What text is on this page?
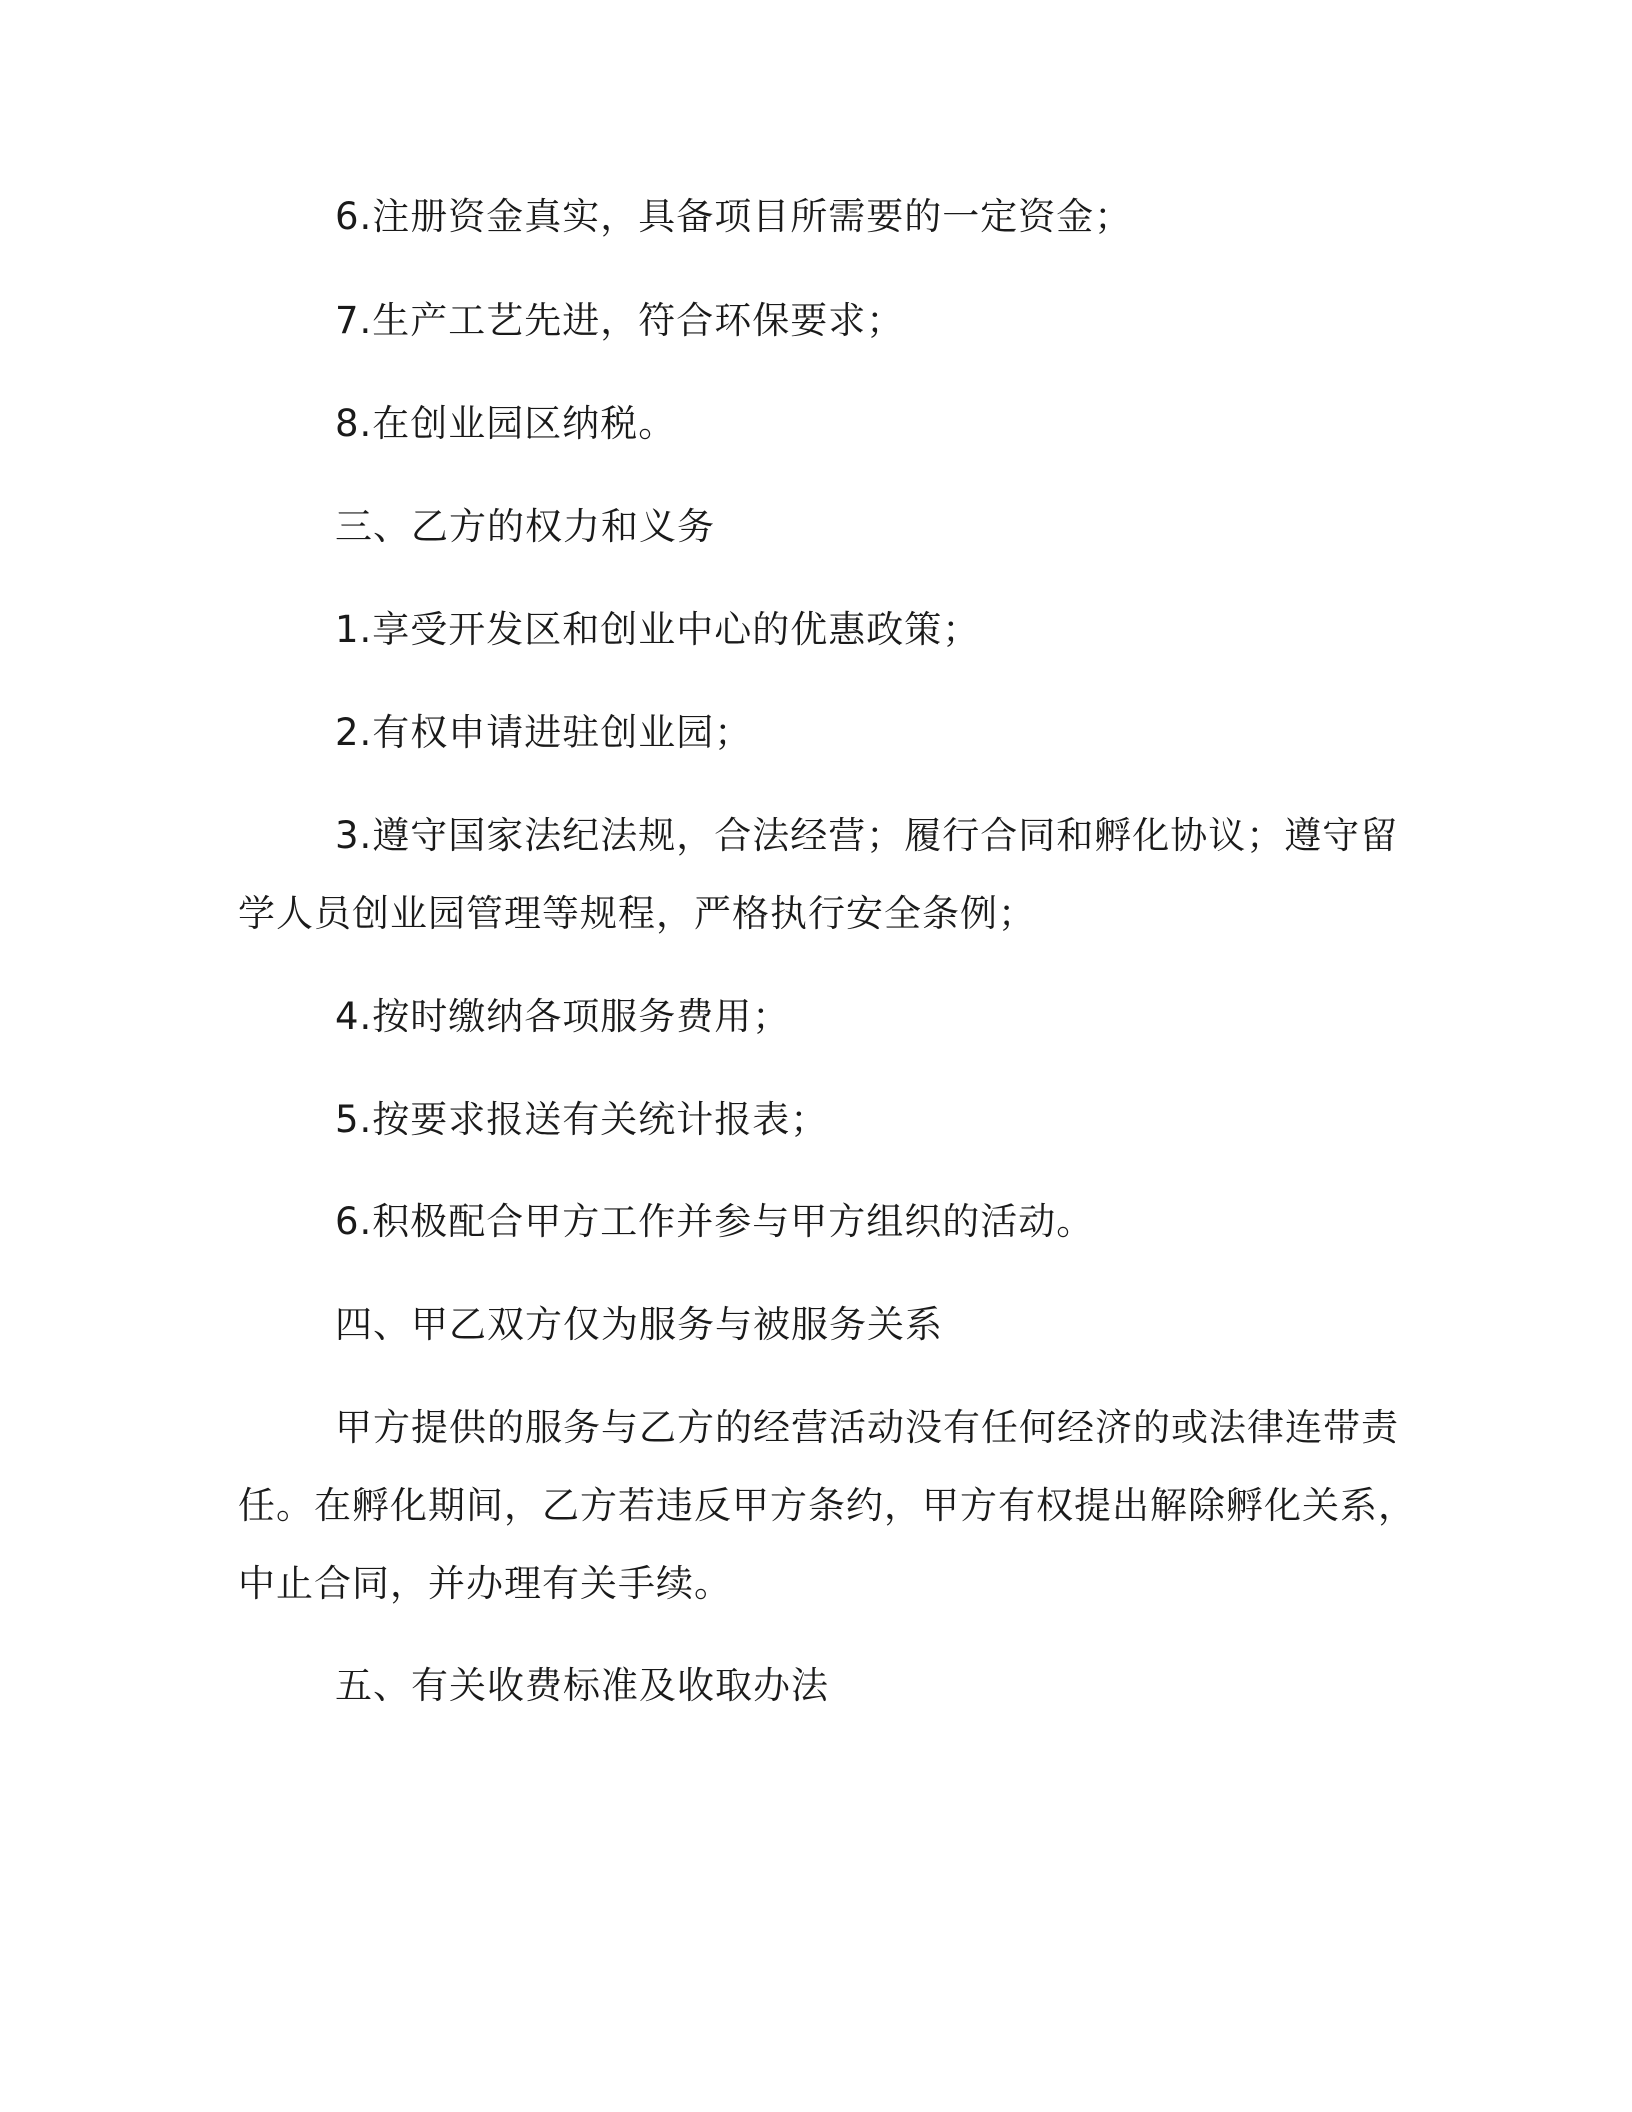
6.注册资金真实，具备项目所需要的一定资金；

7.生产工艺先进，符合环保要求；

8.在创业园区纳税。

三、乙方的权力和义务

1.享受开发区和创业中心的优惠政策；

2.有权申请进驻创业园；

3.遵守国家法纪法规，合法经营；履行合同和孵化协议；遵守留
学人员创业园管理等规程，严格执行安全条例；

4.按时缴纳各项服务费用；

5.按要求报送有关统计报表；

6.积极配合甲方工作并参与甲方组织的活动。

四、甲乙双方仅为服务与被服务关系

甲方提供的服务与乙方的经营活动没有任何经济的或法律连带责
任。在孵化期间，乙方若违反甲方条约，甲方有权提出解除孵化关系，
中止合同，并办理有关手续。

五、有关收费标准及收取办法
